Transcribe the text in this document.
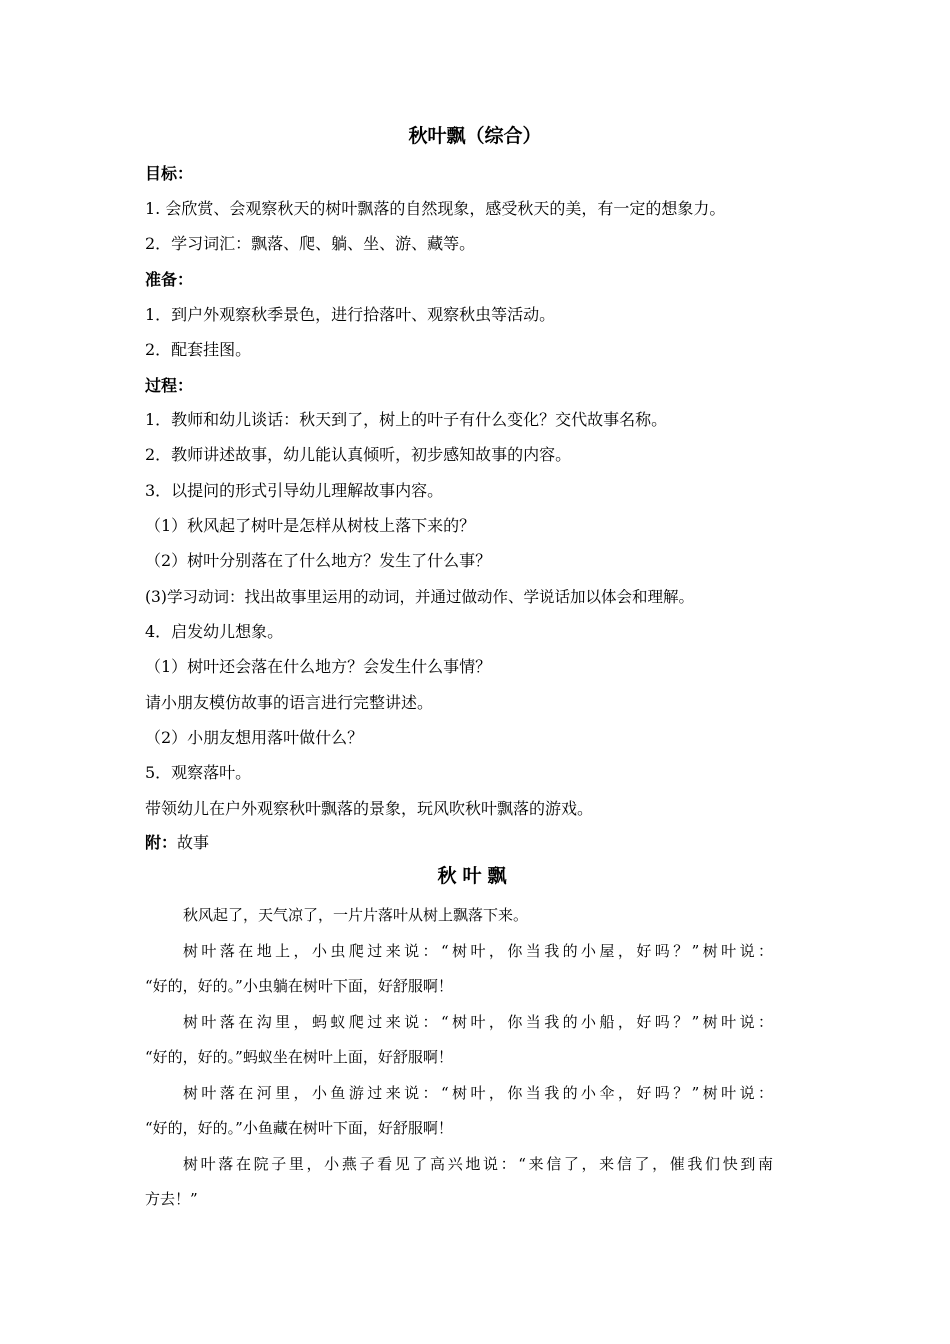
秋叶飘（综合）
目标：
1. 会欣赏、会观察秋天的树叶飘落的自然现象，感受秋天的美，有一定的想象力。
2．学习词汇：飘落、爬、躺、坐、游、藏等。
准备：
1．到户外观察秋季景色，进行拾落叶、观察秋虫等活动。
2．配套挂图。
过程：
1．教师和幼儿谈话：秋天到了，树上的叶子有什么变化？交代故事名称。
2．教师讲述故事，幼儿能认真倾听，初步感知故事的内容。
3．以提问的形式引导幼儿理解故事内容。
（1）秋风起了树叶是怎样从树枝上落下来的？
（2）树叶分别落在了什么地方？发生了什么事？
(3)学习动词：找出故事里运用的动词，并通过做动作、学说话加以体会和理解。
4．启发幼儿想象。
（1）树叶还会落在什么地方？会发生什么事情？
请小朋友模仿故事的语言进行完整讲述。
（2）小朋友想用落叶做什么？
5．观察落叶。
带领幼儿在户外观察秋叶飘落的景象，玩风吹秋叶飘落的游戏。
附：故事
秋叶飘
秋风起了，天气凉了，一片片落叶从树上飘落下来。
树叶落在地上，小虫爬过来说：“树叶，你当我的小屋，好吗？”树叶说：
“好的，好的。”小虫躺在树叶下面，好舒服啊！
树叶落在沟里，蚂蚁爬过来说：“树叶，你当我的小船，好吗？”树叶说：
“好的，好的。”蚂蚁坐在树叶上面，好舒服啊！
树叶落在河里，小鱼游过来说：“树叶，你当我的小伞，好吗？”树叶说：
“好的，好的。”小鱼藏在树叶下面，好舒服啊！
树叶落在院子里，小燕子看见了高兴地说：“来信了，来信了，催我们快到南
方去！”
